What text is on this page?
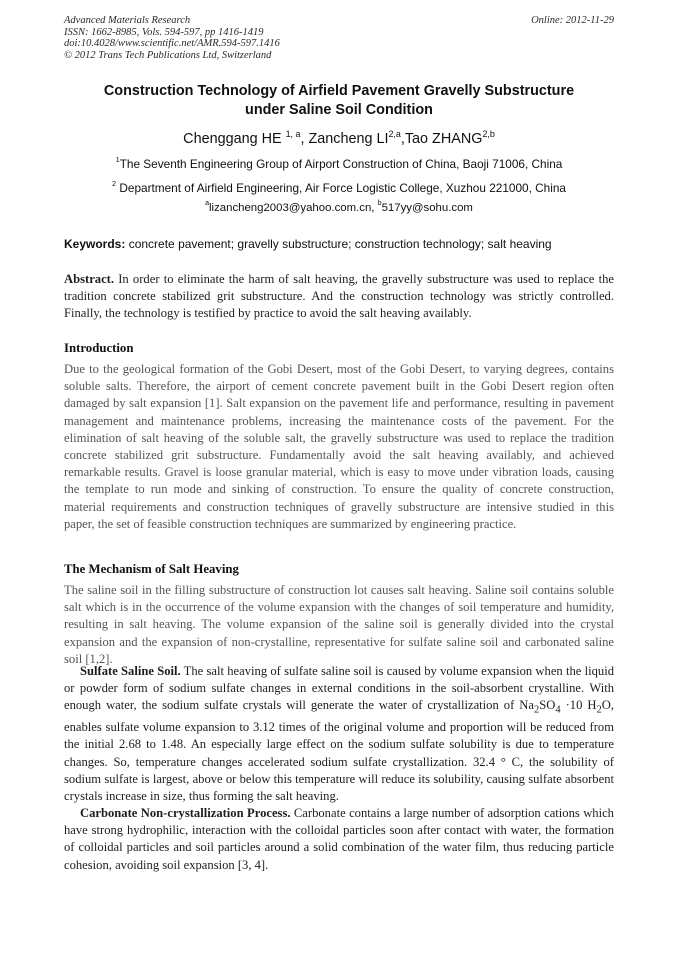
Advanced Materials Research
ISSN: 1662-8985, Vols. 594-597, pp 1416-1419
doi:10.4028/www.scientific.net/AMR.594-597.1416
© 2012 Trans Tech Publications Ltd, Switzerland
Online: 2012-11-29
Construction Technology of Airfield Pavement Gravelly Substructure
under Saline Soil Condition
Chenggang HE $^{1, a}$, Zancheng LI$^{2,a}$,Tao ZHANG$^{2,b}$
$^1$The Seventh Engineering Group of Airport Construction of China, Baoji 71006, China
$^2$ Department of Airfield Engineering, Air Force Logistic College, Xuzhou 221000, China
$^a$lizancheng2003@yahoo.com.cn, $^b$517yy@sohu.com
Keywords: concrete pavement; gravelly substructure; construction technology; salt heaving

Abstract. In order to eliminate the harm of salt heaving, the gravelly substructure was used to replace the tradition concrete stabilized grit substructure. And the construction technology was strictly controlled. Finally, the technology is testified by practice to avoid the salt heaving availably.

Introduction

Due to the geological formation of the Gobi Desert, most of the Gobi Desert, to varying degrees, contains soluble salts. Therefore, the airport of cement concrete pavement built in the Gobi Desert region often damaged by salt expansion [1]. Salt expansion on the pavement life and performance, resulting in pavement management and maintenance problems, increasing the maintenance costs of the pavement. For the elimination of salt heaving of the soluble salt, the gravelly substructure was used to replace the tradition concrete stabilized grit substructure. Fundamentally avoid the salt heaving availably, and achieved remarkable results. Gravel is loose granular material, which is easy to move under vibration loads, causing the template to run mode and sinking of construction. To ensure the quality of concrete construction, material requirements and construction techniques of gravelly substructure are intensive studied in this paper, the set of feasible construction techniques are summarized by engineering practice.

The Mechanism of Salt Heaving

The saline soil in the filling substructure of construction lot causes salt heaving. Saline soil contains soluble salt which is in the occurrence of the volume expansion with the changes of soil temperature and humidity, resulting in salt heaving. The volume expansion of the saline soil is generally divided into the crystal expansion and the expansion of non-crystalline, representative for sulfate saline soil and carbonated saline soil [1,2].

Sulfate Saline Soil. The salt heaving of sulfate saline soil is caused by volume expansion when the liquid or powder form of sodium sulfate changes in external conditions in the soil-absorbent crystalline. With enough water, the sodium sulfate crystals will generate the water of crystallization of $Na_2SO_4 \cdot 10$ $H_2O$, enables sulfate volume expansion to 3.12 times of the original volume and proportion will be reduced from the initial 2.68 to 1.48. An especially large effect on the sodium sulfate solubility is due to temperature changes. So, temperature changes accelerated sodium sulfate crystallization. 32.4 ° C, the solubility of sodium sulfate is largest, above or below this temperature will reduce its solubility, causing sulfate absorbent crystals increase in size, thus forming the salt heaving.

Carbonate Non-crystallization Process. Carbonate contains a large number of adsorption cations which have strong hydrophilic, interaction with the colloidal particles soon after contact with water, the formation of colloidal particles and soil particles around a solid combination of the water film, thus reducing particle cohesion, avoiding soil expansion [3, 4].
